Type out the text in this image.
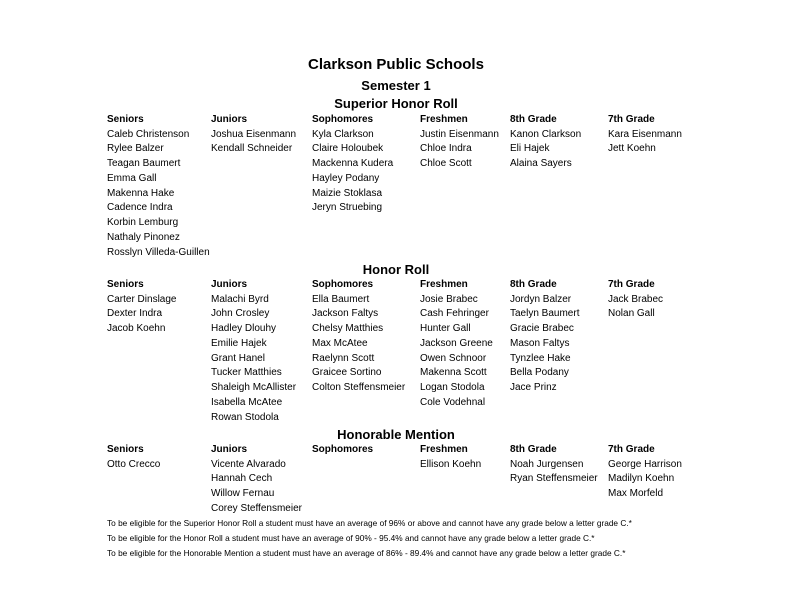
Clarkson Public Schools
Semester 1
Superior Honor Roll
Seniors
Caleb Christenson
Rylee Balzer
Teagan Baumert
Emma Gall
Makenna Hake
Cadence Indra
Korbin Lemburg
Nathaly Pinonez
Rosslyn Villeda-Guillen
Juniors
Joshua Eisenmann
Kendall Schneider
Sophomores
Kyla Clarkson
Claire Holoubek
Mackenna Kudera
Hayley Podany
Maizie Stoklasa
Jeryn Struebing
Freshmen
Justin Eisenmann
Chloe Indra
Chloe Scott
8th Grade
Kanon Clarkson
Eli Hajek
Alaina Sayers
7th Grade
Kara Eisenmann
Jett Koehn
Honor Roll
Seniors
Carter Dinslage
Dexter Indra
Jacob Koehn
Juniors
Malachi Byrd
John Crosley
Hadley Dlouhy
Emilie Hajek
Grant Hanel
Tucker Matthies
Shaleigh McAllister
Isabella McAtee
Rowan Stodola
Sophomores
Ella Baumert
Jackson Faltys
Chelsy Matthies
Max McAtee
Raelynn Scott
Graicee Sortino
Colton Steffensmeier
Freshmen
Josie Brabec
Cash Fehringer
Hunter Gall
Jackson Greene
Owen Schnoor
Makenna Scott
Logan Stodola
Cole Vodehnal
8th Grade
Jordyn Balzer
Taelyn Baumert
Gracie Brabec
Mason Faltys
Tynzlee Hake
Bella Podany
Jace Prinz
7th Grade
Jack Brabec
Nolan Gall
Honorable Mention
Seniors
Otto Crecco
Juniors
Vicente Alvarado
Hannah Cech
Willow Fernau
Corey Steffensmeier
Sophomores	Freshmen
Ellison Koehn
8th Grade
Noah Jurgensen
Ryan Steffensmeier
7th Grade
George Harrison
Madilyn Koehn
Max Morfeld
To be eligible for the Superior Honor Roll a student must have an average of 96% or above and cannot have any grade below a letter grade C.*
To be eligible for the Honor Roll a student must have an average of 90% - 95.4% and cannot have any grade below a letter grade C.*
To be eligible for the Honorable Mention a student must have an average of 86% - 89.4% and cannot have any grade below a letter grade C.*
